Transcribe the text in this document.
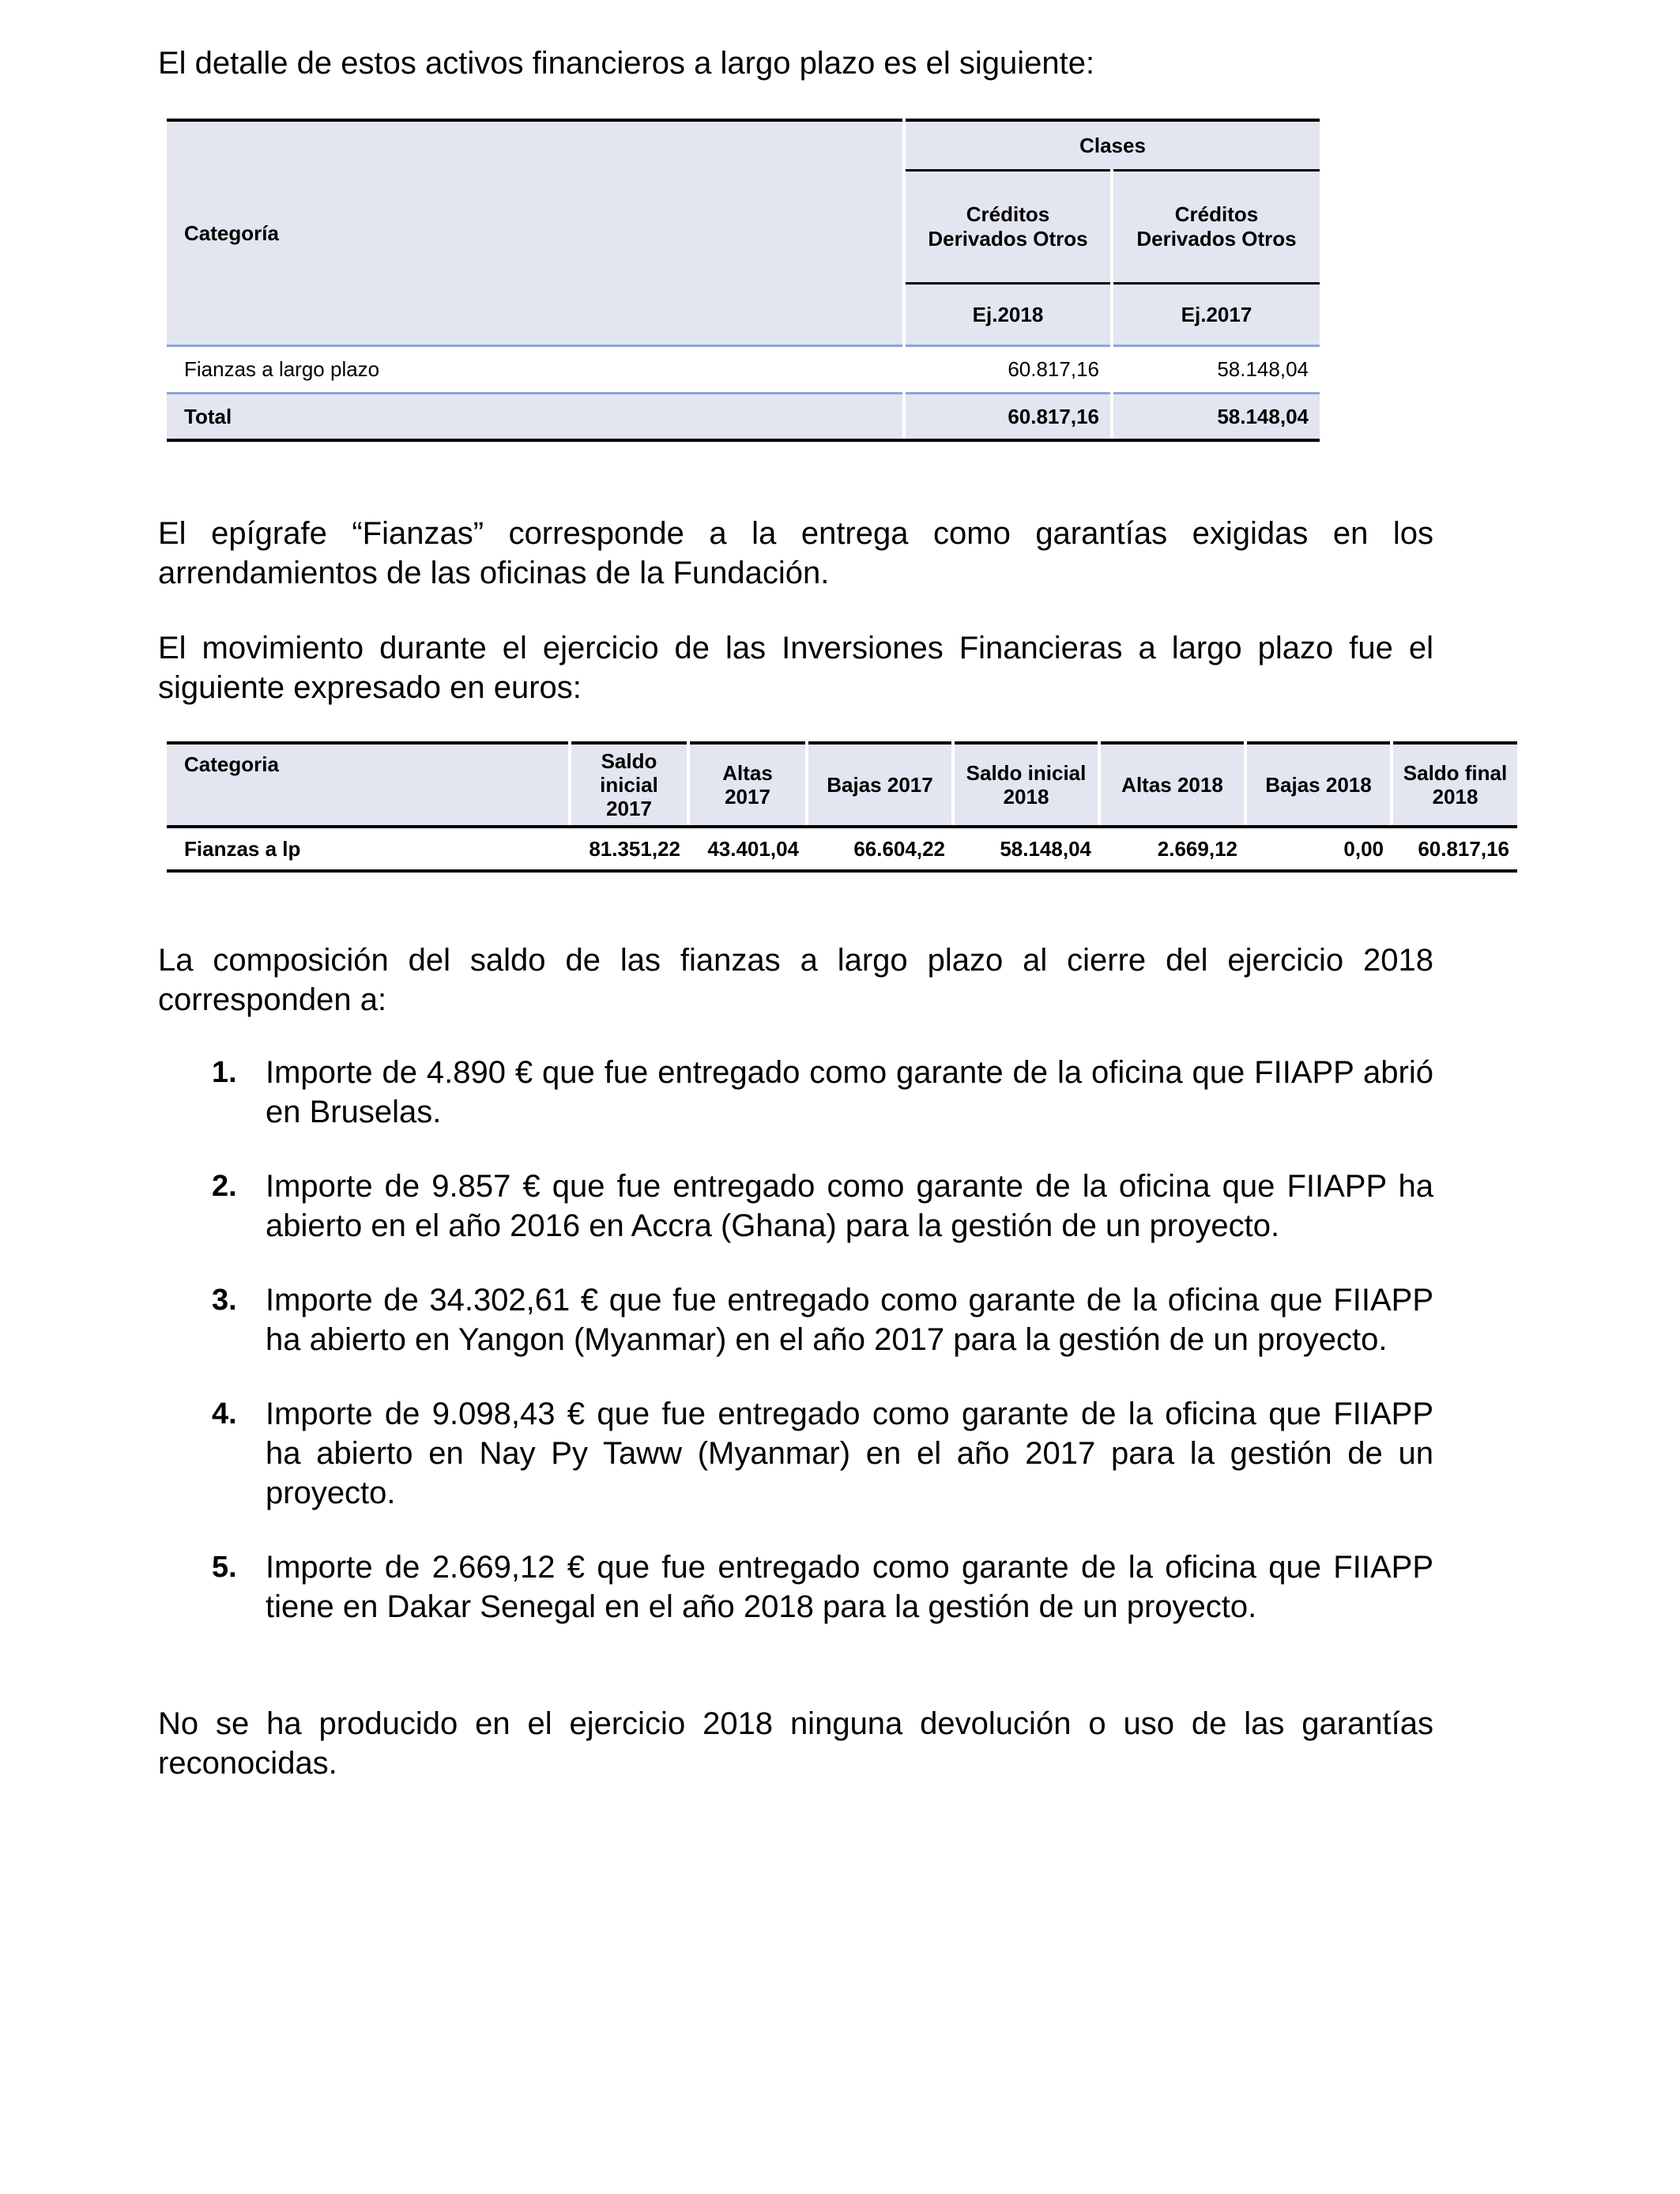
El detalle de estos activos financieros a largo plazo es el siguiente:

Categoría	Clases	
	Créditos Derivados Otros	Créditos Derivados Otros
	Ej.2018	Ej.2017
Fianzas a largo plazo	60.817,16	58.148,04
Total	60.817,16	58.148,04

El epígrafe “Fianzas” corresponde a la entrega como garantías exigidas en los arrendamientos de las oficinas de la Fundación.

El movimiento durante el ejercicio de las Inversiones Financieras a largo plazo fue el siguiente expresado en euros:

Categoria	Saldo inicial 2017	Altas 2017	Bajas 2017	Saldo inicial 2018	Altas 2018	Bajas 2018	Saldo final 2018
Fianzas a lp	81.351,22	43.401,04	66.604,22	58.148,04	2.669,12	0,00	60.817,16

La composición del saldo de las fianzas a largo plazo al cierre del ejercicio 2018 corresponden a:

1. Importe de 4.890 € que fue entregado como garante de la oficina que FIIAPP abrió en Bruselas.
2. Importe de 9.857 € que fue entregado como garante de la oficina que FIIAPP ha abierto en el año 2016 en Accra (Ghana) para la gestión de un proyecto.
3. Importe de 34.302,61 € que fue entregado como garante de la oficina que FIIAPP ha abierto en Yangon (Myanmar) en el año 2017 para la gestión de un proyecto.
4. Importe de 9.098,43 € que fue entregado como garante de la oficina que FIIAPP ha abierto en Nay Py Taww (Myanmar) en el año 2017 para la gestión de un proyecto.
5. Importe de 2.669,12 € que fue entregado como garante de la oficina que FIIAPP tiene en Dakar Senegal en el año 2018 para la gestión de un proyecto.

No se ha producido en el ejercicio 2018 ninguna devolución o uso de las garantías reconocidas.
